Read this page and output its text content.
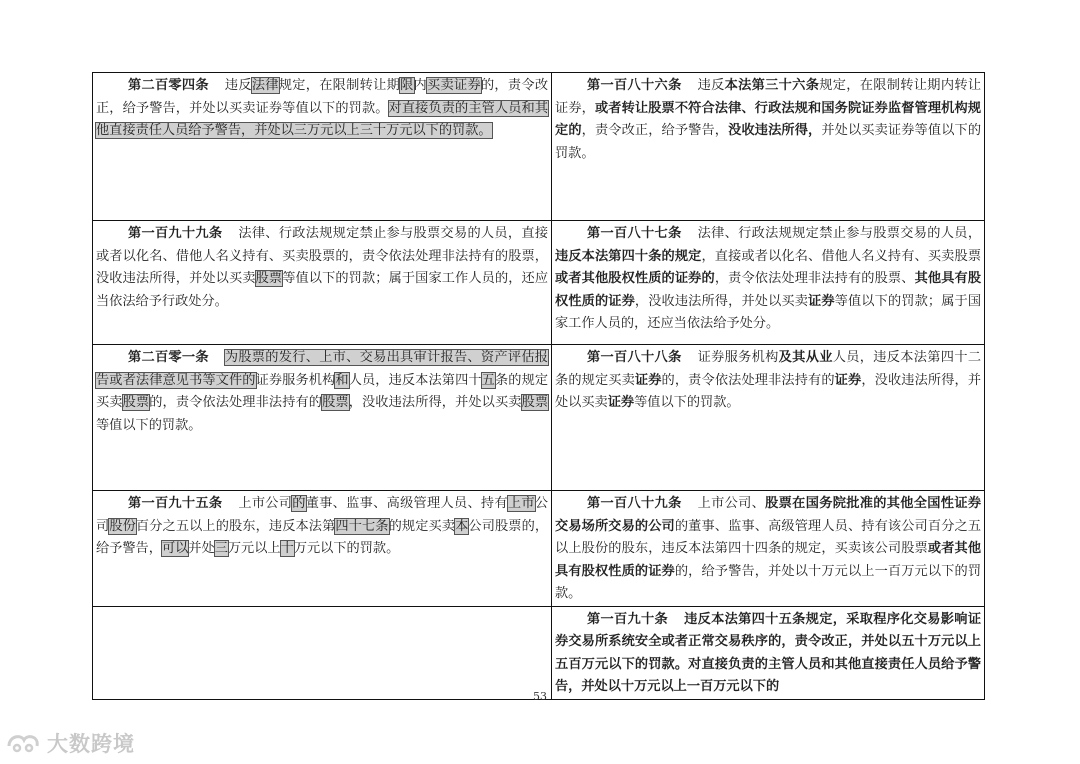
第二百零四条 违反法律规定，在限制转让期限内买卖证券的，责令改正，给予警告，并处以买卖证券等值以下的罚款。对直接负责的主管人员和其他直接责任人员给予警告，并处以三万元以上三十万元以下的罚款。	第一百八十六条 违反本法第三十六条规定，在限制转让期内转让证券，或者转让股票不符合法律、行政法规和国务院证券监督管理机构规定的，责令改正，给予警告，没收违法所得，并处以买卖证券等值以下的罚款。
第一百九十九条 法律、行政法规规定禁止参与股票交易的人员，直接或者以化名、借他人名义持有、买卖股票的，责令依法处理非法持有的股票，没收违法所得，并处以买卖股票等值以下的罚款；属于国家工作人员的，还应当依法给予行政处分。	第一百八十七条 法律、行政法规规定禁止参与股票交易的人员，违反本法第四十条的规定，直接或者以化名、借他人名义持有、买卖股票或者其他股权性质的证券的，责令依法处理非法持有的股票、其他具有股权性质的证券，没收违法所得，并处以买卖证券等值以下的罚款；属于国家工作人员的，还应当依法给予处分。
第二百零一条 为股票的发行、上市、交易出具审计报告、资产评估报告或者法律意见书等文件的证券服务机构和人员，违反本法第四十五条的规定买卖股票的，责令依法处理非法持有的股票，没收违法所得，并处以买卖股票等值以下的罚款。	第一百八十八条 证券服务机构及其从业人员，违反本法第四十二条的规定买卖证券的，责令依法处理非法持有的证券，没收违法所得，并处以买卖证券等值以下的罚款。
第一百九十五条 上市公司的董事、监事、高级管理人员、持有上市公司股份百分之五以上的股东，违反本法第四十七条的规定买卖本公司股票的，给予警告，可以并处三万元以上十万元以下的罚款。	第一百八十九条 上市公司、股票在国务院批准的其他全国性证券交易场所交易的公司的董事、监事、高级管理人员、持有该公司百分之五以上股份的股东，违反本法第四十四条的规定，买卖该公司股票或者其他具有股权性质的证券的，给予警告，并处以十万元以上一百万元以下的罚款。
	第一百九十条 违反本法第四十五条规定，采取程序化交易影响证券交易所系统安全或者正常交易秩序的，责令改正，并处以五十万元以上五百万元以下的罚款。对直接负责的主管人员和其他直接责任人员给予警告，并处以十万元以上一百万元以下的
53
大数跨境
